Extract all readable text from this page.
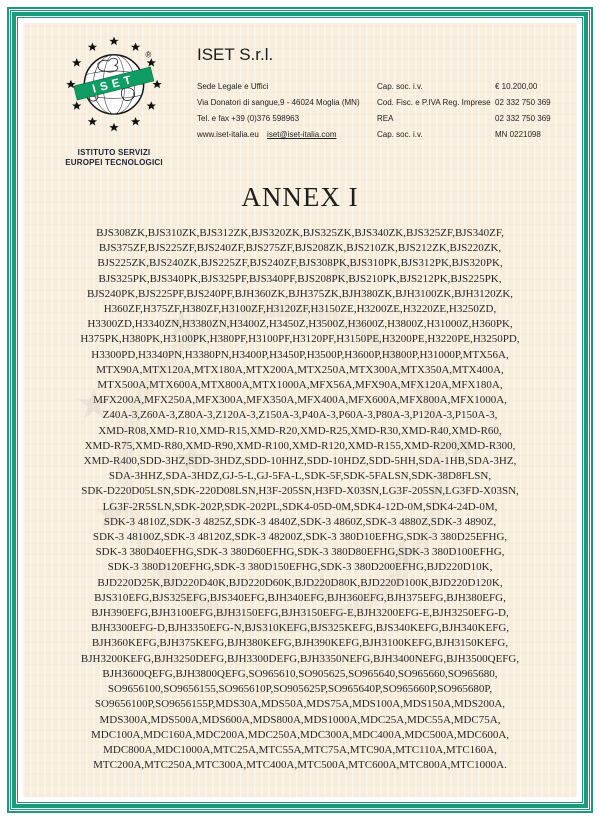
★
★
★
★
★
★
★
★
ISET
®
ISTITUTO SERVIZI
EUROPEI TECNOLOGICI
ISET S.r.l.
Sede Legale e Uffici
Via Donatori di sangue,9 - 46024 Moglia (MN)
Tel. e fax +39 (0)376 598963
www.iset-italia.eu iset@iset-italia.com
Cap. soc. i.v.	€ 10.200,00
Cod. Fisc. e P.IVA Reg. Imprese 02 332 750 369
REA	02 332 750 369
Cap. soc. i.v.	MN 0221098
ANNEX I
BJS308ZK,BJS310ZK,BJS312ZK,BJS320ZK,BJS325ZK,BJS340ZK,BJS325ZF,BJS340ZF,
BJS375ZF,BJS225ZF,BJS240ZF,BJS275ZF,BJS208ZK,BJS210ZK,BJS212ZK,BJS220ZK,
BJS225ZK,BJS240ZK,BJS225ZF,BJS240ZF,BJS308PK,BJS310PK,BJS312PK,BJS320PK,
BJS325PK,BJS340PK,BJS325PF,BJS340PF,BJS208PK,BJS210PK,BJS212PK,BJS225PK,
BJS240PK,BJS225PF,BJS240PF,BJH360ZK,BJH375ZK,BJH380ZK,BJH3100ZK,BJH3120ZK,
H360ZF,H375ZF,H380ZF,H3100ZF,H3120ZF,H3150ZE,H3200ZE,H3220ZE,H3250ZD,
H3300ZD,H3340ZN,H3380ZN,H3400Z,H3450Z,H3500Z,H3600Z,H3800Z,H31000Z,H360PK,
H375PK,H380PK,H3100PK,H380PF,H3100PF,H3120PF,H3150PE,H3200PE,H3220PE,H3250PD,
H3300PD,H3340PN,H3380PN,H3400P,H3450P,H3500P,H3600P,H3800P,H31000P,MTX56A,
MTX90A,MTX120A,MTX180A,MTX200A,MTX250A,MTX300A,MTX350A,MTX400A,
MTX500A,MTX600A,MTX800A,MTX1000A,MFX56A,MFX90A,MFX120A,MFX180A,
MFX200A,MFX250A,MFX300A,MFX350A,MFX400A,MFX600A,MFX800A,MFX1000A,
Z40A-3,Z60A-3,Z80A-3,Z120A-3,Z150A-3,P40A-3,P60A-3,P80A-3,P120A-3,P150A-3,
XMD-R08,XMD-R10,XMD-R15,XMD-R20,XMD-R25,XMD-R30,XMD-R40,XMD-R60,
XMD-R75,XMD-R80,XMD-R90,XMD-R100,XMD-R120,XMD-R155,XMD-R200,XMD-R300,
XMD-R400,SDD-3HZ,SDD-3HDZ,SDD-10HHZ,SDD-10HDZ,SDD-5HH,SDA-1HB,SDA-3HZ,
SDA-3HHZ,SDA-3HDZ,GJ-5-L,GJ-5FA-L,SDK-5F,SDK-5FALSN,SDK-38D8FLSN,
SDK-D220D05LSN,SDK-220D08LSN,H3F-205SN,H3FD-X03SN,LG3F-205SN,LG3FD-X03SN,
LG3F-2R5SLN,SDK-202P,SDK-202PL,SDK4-05D-0M,SDK4-12D-0M,SDK4-24D-0M,
SDK-3 4810Z,SDK-3 4825Z,SDK-3 4840Z,SDK-3 4860Z,SDK-3 4880Z,SDK-3 4890Z,
SDK-3 48100Z,SDK-3 48120Z,SDK-3 48200Z,SDK-3 380D10EFHG,SDK-3 380D25EFHG,
SDK-3 380D40EFHG,SDK-3 380D60EFHG,SDK-3 380D80EFHG,SDK-3 380D100EFHG,
SDK-3 380D120EFHG,SDK-3 380D150EFHG,SDK-3 380D200EFHG,BJD220D10K,
BJD220D25K,BJD220D40K,BJD220D60K,BJD220D80K,BJD220D100K,BJD220D120K,
BJS310EFG,BJS325EFG,BJS340EFG,BJH340EFG,BJH360EFG,BJH375EFG,BJH380EFG,
BJH390EFG,BJH3100EFG,BJH3150EFG,BJH3150EFG-E,BJH3200EFG-E,BJH3250EFG-D,
BJH3300EFG-D,BJH3350EFG-N,BJS310KEFG,BJS325KEFG,BJS340KEFG,BJH340KEFG,
BJH360KEFG,BJH375KEFG,BJH380KEFG,BJH390KEFG,BJH3100KEFG,BJH3150KEFG,
BJH3200KEFG,BJH3250DEFG,BJH3300DEFG,BJH3350NEFG,BJH3400NEFG,BJH3500QEFG,
BJH3600QEFG,BJH3800QEFG,SO965610,SO905625,SO965640,SO965660,SO965680,
SO9656100,SO9656155,SO965610P,SO905625P,SO965640P,SO965660P,SO965680P,
SO9656100P,SO9656155P,MDS30A,MDS50A,MDS75A,MDS100A,MDS150A,MDS200A,
MDS300A,MDS500A,MDS600A,MDS800A,MDS1000A,MDC25A,MDC55A,MDC75A,
MDC100A,MDC160A,MDC200A,MDC250A,MDC300A,MDC400A,MDC500A,MDC600A,
MDC800A,MDC1000A,MTC25A,MTC55A,MTC75A,MTC90A,MTC110A,MTC160A,
MTC200A,MTC250A,MTC300A,MTC400A,MTC500A,MTC600A,MTC800A,MTC1000A.
